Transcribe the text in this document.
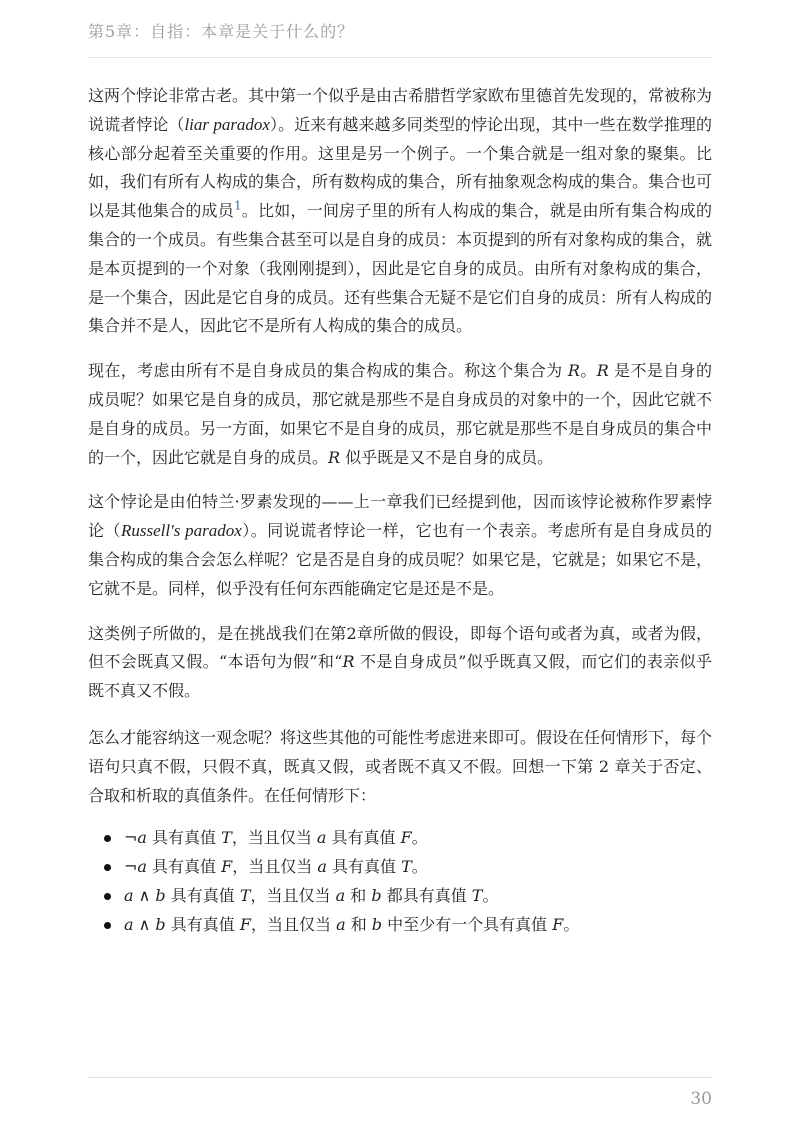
第5章：自指：本章是关于什么的？

这两个悖论非常古老。其中第一个似乎是由古希腊哲学家欧布里德首先发现的，常被称为说谎者悖论（liar paradox）。近来有越来越多同类型的悖论出现，其中一些在数学推理的核心部分起着至关重要的作用。这里是另一个例子。一个集合就是一组对象的聚集。比如，我们有所有人构成的集合，所有数构成的集合，所有抽象观念构成的集合。集合也可以是其他集合的成员$^1$。比如，一间房子里的所有人构成的集合，就是由所有集合构成的集合的一个成员。有些集合甚至可以是自身的成员：本页提到的所有对象构成的集合，就是本页提到的一个对象（我刚刚提到），因此是它自身的成员。由所有对象构成的集合，是一个集合，因此是它自身的成员。还有些集合无疑不是它们自身的成员：所有人构成的集合并不是人，因此它不是所有人构成的集合的成员。

现在，考虑由所有不是自身成员的集合构成的集合。称这个集合为 R。R 是不是自身的成员呢？如果它是自身的成员，那它就是那些不是自身成员的对象中的一个，因此它就不是自身的成员。另一方面，如果它不是自身的成员，那它就是那些不是自身成员的集合中的一个，因此它就是自身的成员。R 似乎既是又不是自身的成员。

这个悖论是由伯特兰·罗素发现的——上一章我们已经提到他，因而该悖论被称作罗素悖论（Russell's paradox）。同说谎者悖论一样，它也有一个表亲。考虑所有是自身成员的集合构成的集合会怎么样呢？它是否是自身的成员呢？如果它是，它就是；如果它不是，它就不是。同样，似乎没有任何东西能确定它是还是不是。

这类例子所做的，是在挑战我们在第2章所做的假设，即每个语句或者为真，或者为假，但不会既真又假。“本语句为假”和“R 不是自身成员”似乎既真又假，而它们的表亲似乎既不真又不假。

怎么才能容纳这一观念呢？将这些其他的可能性考虑进来即可。假设在任何情形下，每个语句只真不假，只假不真，既真又假，或者既不真又不假。回想一下第 2 章关于否定、合取和析取的真值条件。在任何情形下：

¬a 具有真值 T，当且仅当 a 具有真值 F。
¬a 具有真值 F，当且仅当 a 具有真值 T。
a ∧ b 具有真值 T，当且仅当 a 和 b 都具有真值 T。
a ∧ b 具有真值 F，当且仅当 a 和 b 中至少有一个具有真值 F。
30
